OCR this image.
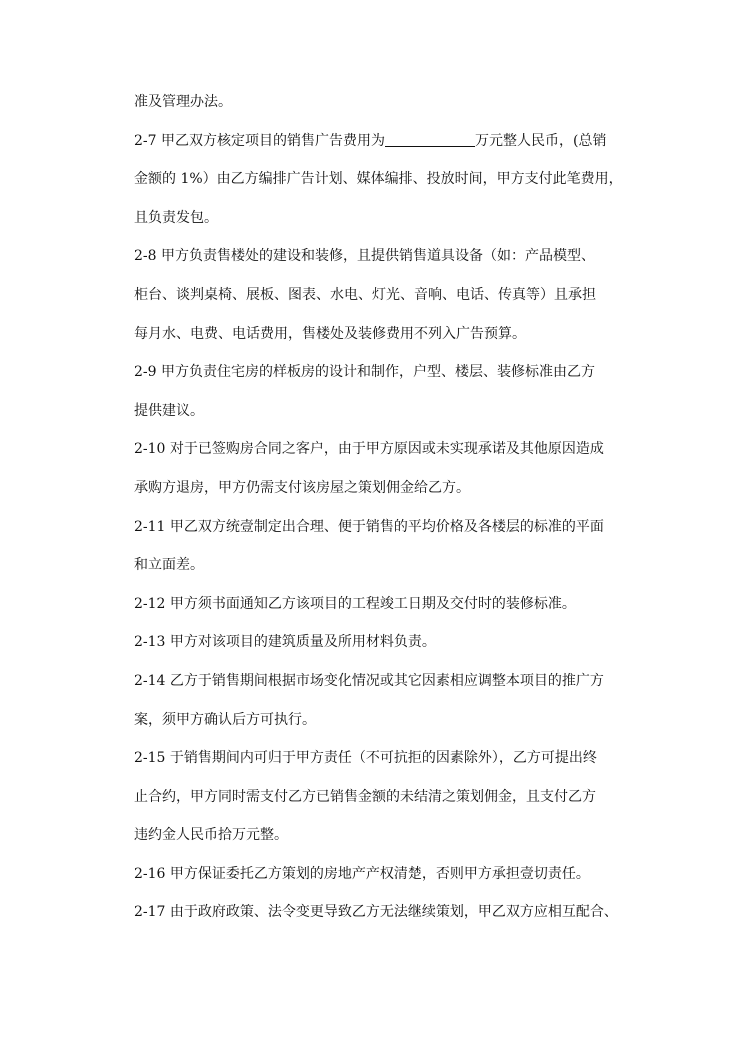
准及管理办法。
2-7 甲乙双方核定项目的销售广告费用为	万元整人民币，(总销
金额的 1%）由乙方编排广告计划、媒体编排、投放时间，甲方支付此笔费用，
且负责发包。
2-8 甲方负责售楼处的建设和装修，且提供销售道具设备（如：产品模型、
柜台、谈判桌椅、展板、图表、水电、灯光、音响、电话、传真等）且承担
每月水、电费、电话费用，售楼处及装修费用不列入广告预算。
2-9 甲方负责住宅房的样板房的设计和制作，户型、楼层、装修标准由乙方
提供建议。
2-10 对于已签购房合同之客户，由于甲方原因或未实现承诺及其他原因造成
承购方退房，甲方仍需支付该房屋之策划佣金给乙方。
2-11 甲乙双方统壹制定出合理、便于销售的平均价格及各楼层的标准的平面
和立面差。
2-12 甲方须书面通知乙方该项目的工程竣工日期及交付时的装修标准。
2-13 甲方对该项目的建筑质量及所用材料负责。
2-14 乙方于销售期间根据市场变化情况或其它因素相应调整本项目的推广方
案，须甲方确认后方可执行。
2-15 于销售期间内可归于甲方责任（不可抗拒的因素除外），乙方可提出终
止合约，甲方同时需支付乙方已销售金额的未结清之策划佣金，且支付乙方
违约金人民币拾万元整。
2-16 甲方保证委托乙方策划的房地产产权清楚，否则甲方承担壹切责任。
2-17 由于政府政策、法令变更导致乙方无法继续策划，甲乙双方应相互配合、
